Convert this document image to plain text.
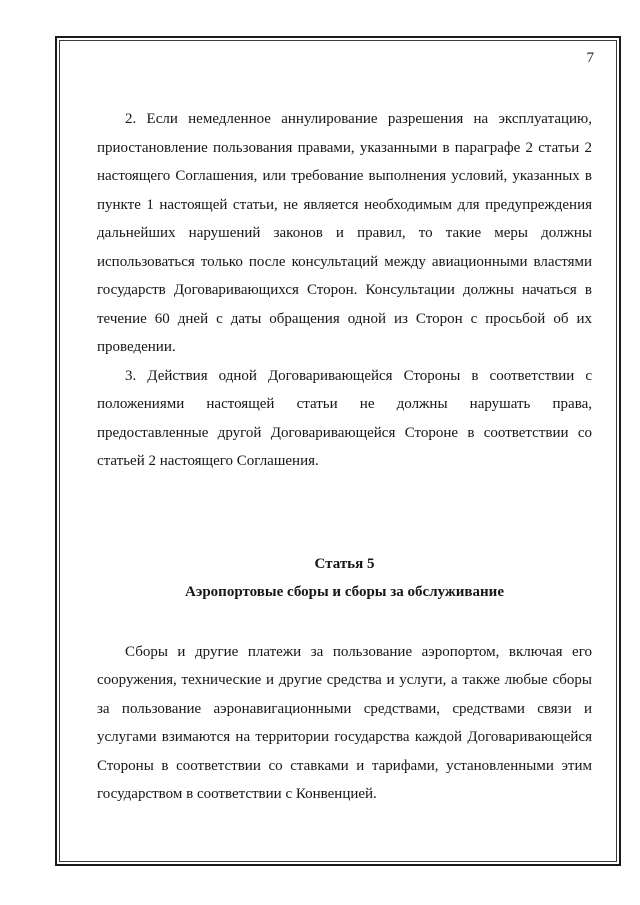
7

2. Если немедленное аннулирование разрешения на эксплуатацию, приостановление пользования правами, указанными в параграфе 2 статьи 2 настоящего Соглашения, или требование выполнения условий, указанных в пункте 1 настоящей статьи, не является необходимым для предупреждения дальнейших нарушений законов и правил, то такие меры должны использоваться только после консультаций между авиационными властями государств Договаривающихся Сторон. Консультации должны начаться в течение 60 дней с даты обращения одной из Сторон с просьбой об их проведении.

3. Действия одной Договаривающейся Стороны в соответствии с положениями настоящей статьи не должны нарушать права, предоставленные другой Договаривающейся Стороне в соответствии со статьей 2 настоящего Соглашения.

Статья 5
Аэропортовые сборы и сборы за обслуживание

Сборы и другие платежи за пользование аэропортом, включая его сооружения, технические и другие средства и услуги, а также любые сборы за пользование аэронавигационными средствами, средствами связи и услугами взимаются на территории государства каждой Договаривающейся Стороны в соответствии со ставками и тарифами, установленными этим государством в соответствии с Конвенцией.
